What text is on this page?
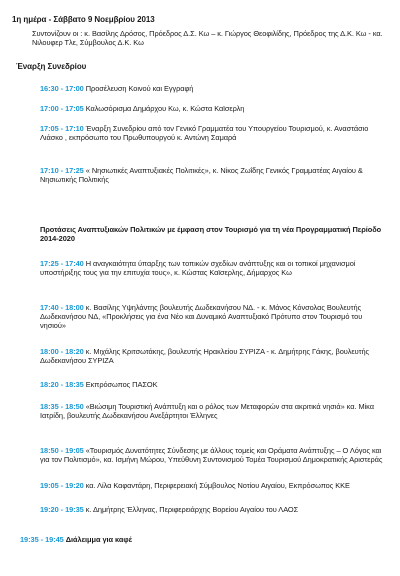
1η ημέρα - Σάββατο 9 Νοεμβρίου 2013
Συντονίζουν οι : κ. Βασίλης Δρόσος, Πρόεδρος Δ.Σ. Κω – κ. Γιώργος Θεοφιλίδης, Πρόεδρος της Δ.Κ. Κω - κα. Νιλουφερ Τλε, Σύμβουλος Δ.Κ. Κω
Έναρξη Συνεδρίου
16:30 - 17:00 Προσέλευση Κοινού και Εγγραφή
17:00 - 17:05 Καλωσόρισμα Δημάρχου Κω, κ. Κώστα Καϊσερλη
17:05 - 17:10 Έναρξη Συνεδρίου από τον Γενικό Γραμματέα του Υπουργείου Τουρισμού, κ. Αναστάσιο Λιάσκο , εκπρόσωπο του Πρωθυπουργού κ. Αντώνη Σαμαρά
17:10 - 17:25 « Νησιωτικές Αναπτυξιακές Πολιτικές», κ. Νίκος Ζωΐδης Γενικός Γραμματέας Αιγαίου & Νησιωτικής Πολιτικής
Προτάσεις Αναπτυξιακών Πολιτικών με έμφαση στον Τουρισμό για τη νέα Προγραμματική Περίοδο 2014-2020
17:25 - 17:40 Η αναγκαιότητα ύπαρξης των τοπικών σχεδίων ανάπτυξης και οι τοπικοί μηχανισμοί υποστήριξης τους για την επιτυχία τους», κ. Κώστας Καϊσερλης, Δήμαρχος Κω
17:40 - 18:00 κ. Βασίλης Υψηλάντης βουλευτής Δωδεκανήσου ΝΔ. - κ. Μάνος Κόνσολας Βουλευτής Δωδεκανήσου ΝΔ, «Προκλήσεις για ένα Νέο και Δυναμικό Αναπτυξιακό Πρότυπο στον Τουρισμό του νησιού»
18:00 - 18:20 κ. Μιχάλης Κριτσωτάκης, βουλευτής Ηρακλείου ΣΥΡΙΖΑ - κ. Δημήτρης Γάκης, βουλευτής Δωδεκανήσου ΣΥΡΙΖΑ
18:20 - 18:35 Εκπρόσωπος ΠΑΣΟΚ
18:35 - 18:50 «Βιώσιμη Τουριστική Ανάπτυξη και ο ρόλος των Μεταφορών στα ακριτικά νησιά» κα. Μίκα Ιατρίδη, βουλευτής Δωδεκανήσου Ανεξάρτητοι Έλληνες
18:50 - 19:05 «Τουρισμός Δυνατότητες Σύνδεσης με άλλους τομείς και Οράματα Ανάπτυξης – Ο Λόγος και για τον Πολιτισμό», κα. Ισμήνη Μώρου, Υπεύθυνη Συντονισμού Τομέα Τουρισμού Δημοκρατικής Αριστεράς
19:05 - 19:20 κα. Λίλα Καφαντάρη, Περιφερειακή Σύμβουλος Νοτίου Αιγαίου, Εκπρόσωπος ΚΚΕ
19:20 - 19:35 κ. Δημήτρης Έλληνας, Περιφερειάρχης Βορείου Αιγαίου του ΛΑΟΣ
19:35 - 19:45 Διάλειμμα για καφέ
